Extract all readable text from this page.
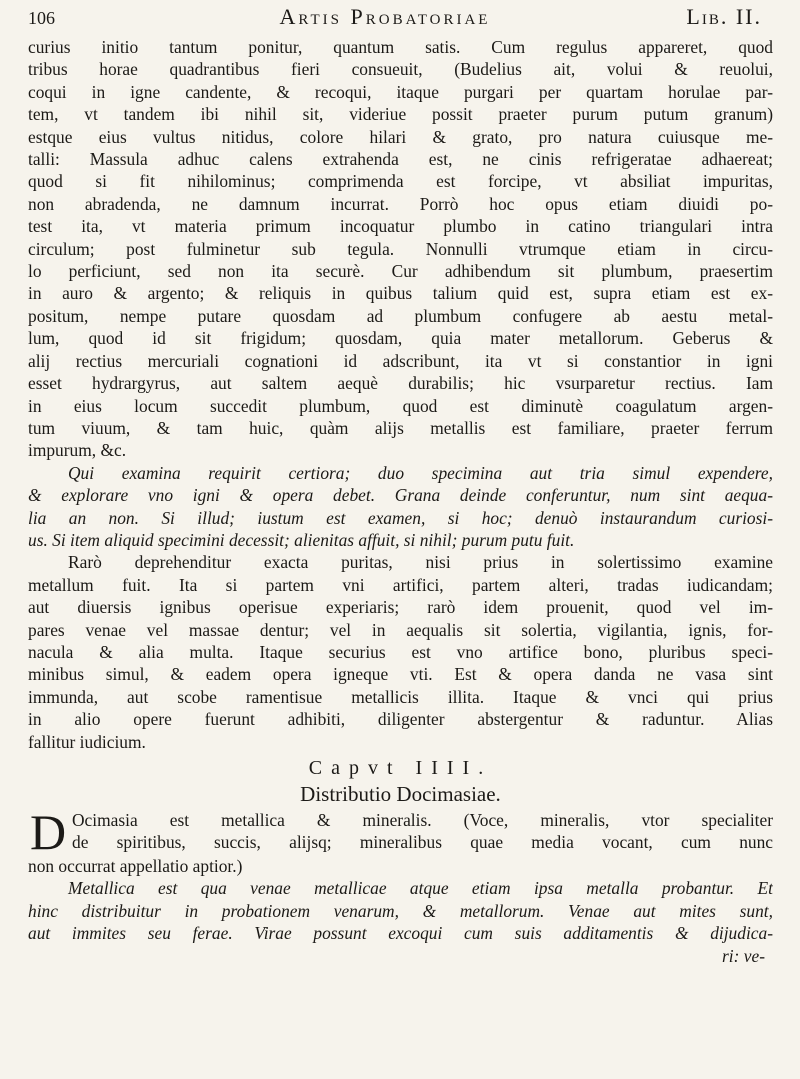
106	Artis Probatoriae	Lib. II.
curius initio tantum ponitur, quantum satis. Cum regulus appareret, quod
tribus horae quadrantibus fieri consueuit, (Budelius ait, volui & reuolui,
coqui in igne candente, & recoqui, itaque purgari per quartam horulae par-
tem, vt tandem ibi nihil sit, videriue possit praeter purum putum granum)
estque eius vultus nitidus, colore hilari & grato, pro natura cuiusque me-
talli: Massula adhuc calens extrahenda est, ne cinis refrigeratae adhaereat;
quod si fit nihilominus; comprimenda est forcipe, vt absiliat impuritas,
non abradenda, ne damnum incurrat. Porrò hoc opus etiam diuidi po-
test ita, vt materia primum incoquatur plumbo in catino triangulari intra
circulum; post fulminetur sub tegula. Nonnulli vtrumque etiam in circu-
lo perficiunt, sed non ita securè. Cur adhibendum sit plumbum, praesertim
in auro & argento; & reliquis in quibus talium quid est, supra etiam est ex-
positum, nempe putare quosdam ad plumbum confugere ab aestu metal-
lum, quod id sit frigidum; quosdam, quia mater metallorum. Geberus &
alij rectius mercuriali cognationi id adscribunt, ita vt si constantior in igni
esset hydrargyrus, aut saltem aequè durabilis; hic vsurparetur rectius. Iam
in eius locum succedit plumbum, quod est diminutè coagulatum argen-
tum viuum, & tam huic, quàm alijs metallis est familiare, praeter ferrum
impurum, &c.
Qui examina requirit certiora; duo specimina aut tria simul expendere,
& explorare vno igni & opera debet. Grana deinde conferuntur, num sint aequa-
lia an non. Si illud; iustum est examen, si hoc; denuò instaurandum curiosi-
us. Si item aliquid specimini decessit; alienitas affuit, si nihil; purum putu fuit.
Rarò deprehenditur exacta puritas, nisi prius in solertissimo examine
metallum fuit. Ita si partem vni artifici, partem alteri, tradas iudicandam;
aut diuersis ignibus operisue experiaris; rarò idem prouenit, quod vel im-
pares venae vel massae dentur; vel in aequalis sit solertia, vigilantia, ignis, for-
nacula & alia multa. Itaque securius est vno artifice bono, pluribus speci-
minibus simul, & eadem opera igneque vti. Est & opera danda ne vasa sint
immunda, aut scobe ramentisue metallicis illita. Itaque & vnci qui prius
in alio opere fuerunt adhibiti, diligenter abstergentur & raduntur. Alias
fallitur iudicium.
Capvt IIII.
Distributio Docimasiae.
D Ocimasia est metallica & mineralis. (Voce, mineralis, vtor specialiter
de spiritibus, succis, alijsq; mineralibus quae media vocant, cum nunc
non occurrat appellatio aptior.)
Metallica est qua venae metallicae atque etiam ipsa metalla probantur. Et
hinc distribuitur in probationem venarum, & metallorum. Venae aut mites sunt,
aut immites seu ferae. Virae possunt excoqui cum suis additamentis & dijudica-
ri: ve-
